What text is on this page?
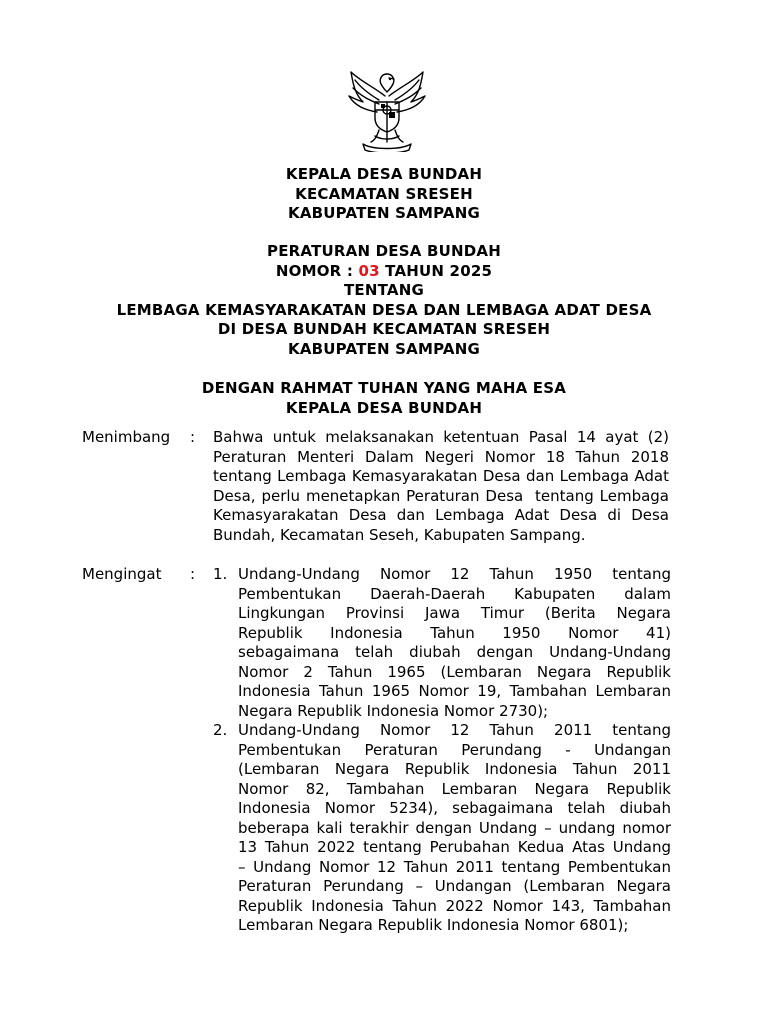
KEPALA DESA BUNDAH
KECAMATAN SRESEH
KABUPATEN SAMPANG
PERATURAN DESA BUNDAH
NOMOR : 03 TAHUN 2025
TENTANG
LEMBAGA KEMASYARAKATAN DESA DAN LEMBAGA ADAT DESA
DI DESA BUNDAH KECAMATAN SRESEH
KABUPATEN SAMPANG
DENGAN RAHMAT TUHAN YANG MAHA ESA
KEPALA DESA BUNDAH
Menimbang : Bahwa untuk melaksanakan ketentuan Pasal 14 ayat (2)
Peraturan Menteri Dalam Negeri Nomor 18 Tahun 2018
tentang Lembaga Kemasyarakatan Desa dan Lembaga Adat
Desa, perlu menetapkan Peraturan Desa  tentang Lembaga
Kemasyarakatan Desa dan Lembaga Adat Desa di Desa
Bundah, Kecamatan Seseh, Kabupaten Sampang.
Mengingat : 1. Undang-Undang Nomor 12 Tahun 1950 tentang
Pembentukan Daerah-Daerah Kabupaten dalam
Lingkungan Provinsi Jawa Timur (Berita Negara
Republik Indonesia Tahun 1950 Nomor 41)
sebagaimana telah diubah dengan Undang-Undang
Nomor 2 Tahun 1965 (Lembaran Negara Republik
Indonesia Tahun 1965 Nomor 19, Tambahan Lembaran
Negara Republik Indonesia Nomor 2730);
2. Undang-Undang Nomor 12 Tahun 2011 tentang
Pembentukan Peraturan Perundang - Undangan
(Lembaran Negara Republik Indonesia Tahun 2011
Nomor 82, Tambahan Lembaran Negara Republik
Indonesia Nomor 5234), sebagaimana telah diubah
beberapa kali terakhir dengan Undang – undang nomor
13 Tahun 2022 tentang Perubahan Kedua Atas Undang
– Undang Nomor 12 Tahun 2011 tentang Pembentukan
Peraturan Perundang – Undangan (Lembaran Negara
Republik Indonesia Tahun 2022 Nomor 143, Tambahan
Lembaran Negara Republik Indonesia Nomor 6801);
